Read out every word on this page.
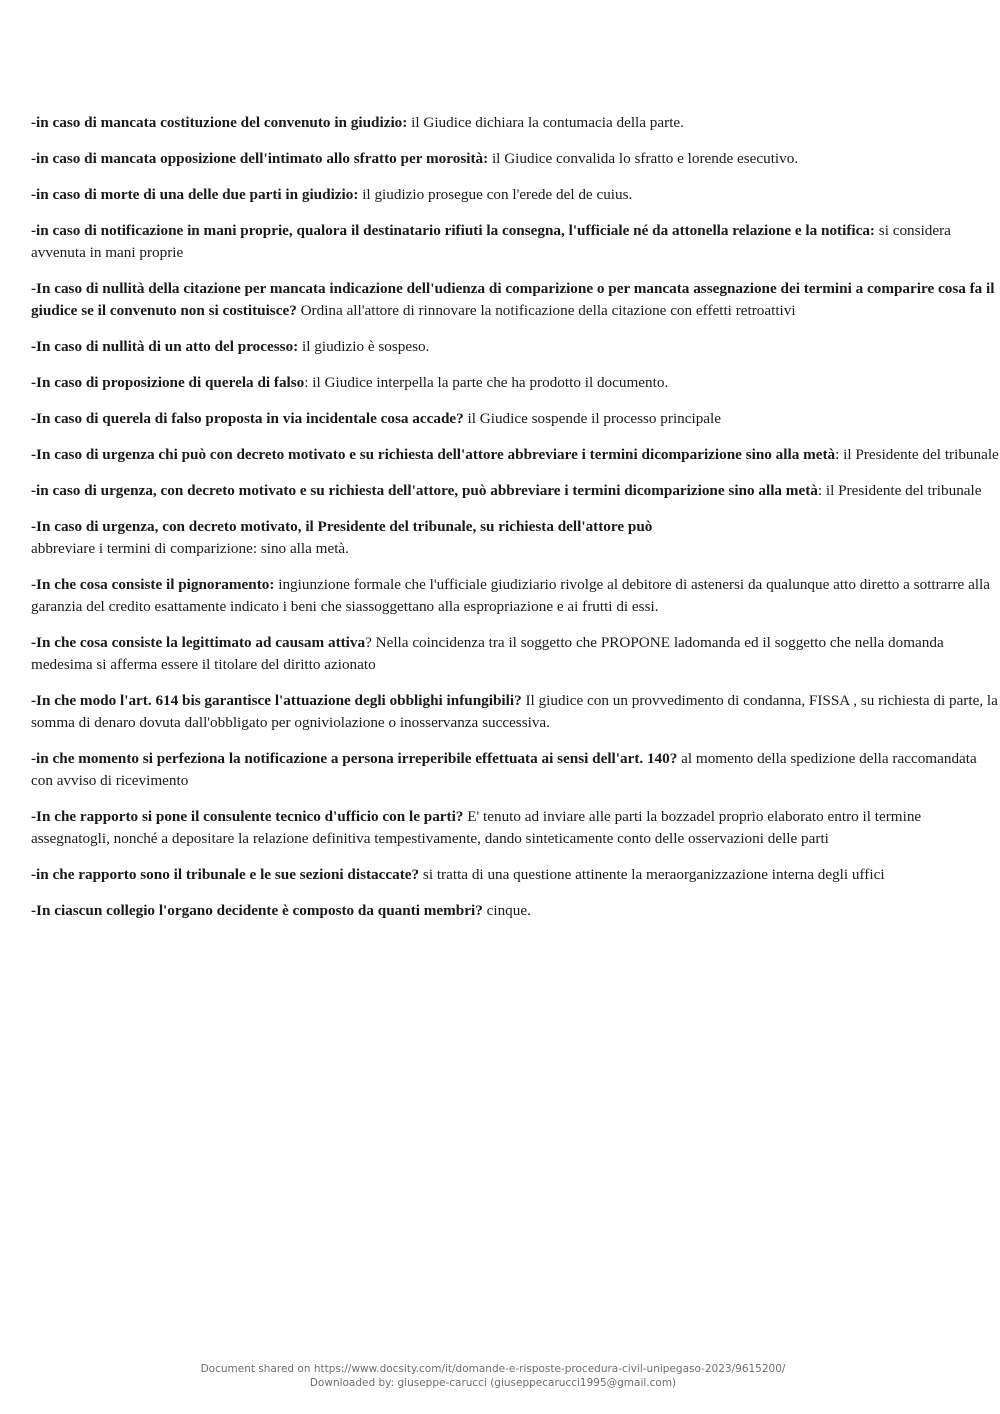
-in caso di mancata costituzione del convenuto in giudizio: il Giudice dichiara la contumacia della parte.

-in caso di mancata opposizione dell'intimato allo sfratto per morosità: il Giudice convalida lo sfratto e lorende esecutivo.

-in caso di morte di una delle due parti in giudizio: il giudizio prosegue con l'erede del de cuius.

-in caso di notificazione in mani proprie, qualora il destinatario rifiuti la consegna, l'ufficiale né da attonella relazione e la notifica: si considera avvenuta in mani proprie

-In caso di nullità della citazione per mancata indicazione dell'udienza di comparizione o per mancata assegnazione dei termini a comparire cosa fa il giudice se il convenuto non si costituisce? Ordina all'attore di rinnovare la notificazione della citazione con effetti retroattivi

-In caso di nullità di un atto del processo: il giudizio è sospeso.

-In caso di proposizione di querela di falso: il Giudice interpella la parte che ha prodotto il documento.

-In caso di querela di falso proposta in via incidentale cosa accade? il Giudice sospende il processo principale

-In caso di urgenza chi può con decreto motivato e su richiesta dell'attore abbreviare i termini dicomparizione sino alla metà: il Presidente del tribunale

-in caso di urgenza, con decreto motivato e su richiesta dell'attore, può abbreviare i termini dicomparizione sino alla metà: il Presidente del tribunale

-In caso di urgenza, con decreto motivato, il Presidente del tribunale, su richiesta dell'attore può
abbreviare i termini di comparizione: sino alla metà.

-In che cosa consiste il pignoramento: ingiunzione formale che l'ufficiale giudiziario rivolge al debitore di astenersi da qualunque atto diretto a sottrarre alla garanzia del credito esattamente indicato i beni che siassoggettano alla espropriazione e ai frutti di essi.

-In che cosa consiste la legittimato ad causam attiva? Nella coincidenza tra il soggetto che PROPONE ladomanda ed il soggetto che nella domanda medesima si afferma essere il titolare del diritto azionato

-In che modo l'art. 614 bis garantisce l'attuazione degli obblighi infungibili? Il giudice con un provvedimento di condanna, FISSA , su richiesta di parte, la somma di denaro dovuta dall'obbligato per ogniviolazione o inosservanza successiva.

-in che momento si perfeziona la notificazione a persona irreperibile effettuata ai sensi dell'art. 140? al momento della spedizione della raccomandata con avviso di ricevimento

-In che rapporto si pone il consulente tecnico d'ufficio con le parti? E' tenuto ad inviare alle parti la bozzadel proprio elaborato entro il termine assegnatogli, nonché a depositare la relazione definitiva tempestivamente, dando sinteticamente conto delle osservazioni delle parti

-in che rapporto sono il tribunale e le sue sezioni distaccate? si tratta di una questione attinente la meraorganizzazione interna degli uffici

-In ciascun collegio l'organo decidente è composto da quanti membri? cinque.

Document shared on https://www.docsity.com/it/domande-e-risposte-procedura-civil-unipegaso-2023/9615200/
Downloaded by: giuseppe-carucci (giuseppecarucci1995@gmail.com)
